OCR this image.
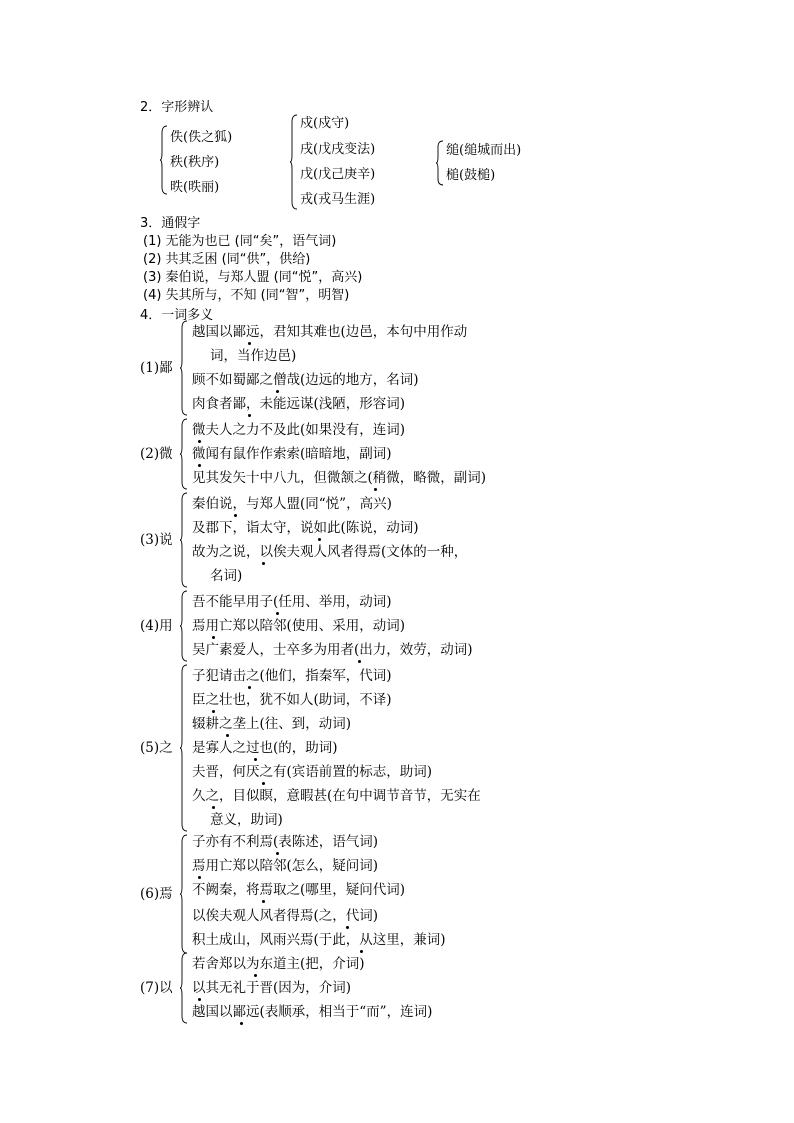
2．字形辨认
佚(佚之狐)
秩(秩序)
昳(昳丽)
戍(戍守)
戌(戊戌变法)
戊(戊己庚辛)
戎(戎马生涯)
缒(缒城而出)
槌(鼓槌)
3．通假字
(1) 无能为也已 (同“矣”，语气词)
(2) 共其乏困 (同“供”，供给)
(3) 秦伯说，与郑人盟 (同“悦”，高兴)
(4) 失其所与，不知 (同“智”，明智)
4．一词多义
(1)鄙
越国以鄙远，君知其难也(边邑，本句中用作动
词，当作边邑)
顾不如蜀鄙之僧哉(边远的地方，名词)
肉食者鄙，未能远谋(浅陋，形容词)
(2)微
微夫人之力不及此(如果没有，连词)
微闻有鼠作作索索(暗暗地，副词)
见其发矢十中八九，但微颔之(稍微，略微，副词)
(3)说
秦伯说，与郑人盟(同“悦”，高兴)
及郡下，诣太守，说如此(陈说，动词)
故为之说，以俟夫观人风者得焉(文体的一种，
名词)
(4)用
吾不能早用子(任用、举用，动词)
焉用亡郑以陪邻(使用、采用，动词)
吴广素爱人，士卒多为用者(出力，效劳，动词)
(5)之
子犯请击之(他们，指秦军，代词)
臣之壮也，犹不如人(助词，不译)
辍耕之垄上(往、到，动词)
是寡人之过也(的，助词)
夫晋，何厌之有(宾语前置的标志，助词)
久之，目似瞑，意暇甚(在句中调节音节，无实在
意义，助词)
(6)焉
子亦有不利焉(表陈述，语气词)
焉用亡郑以陪邻(怎么，疑问词)
不阙秦，将焉取之(哪里，疑问代词)
以俟夫观人风者得焉(之，代词)
积土成山，风雨兴焉(于此，从这里，兼词)
(7)以
若舍郑以为东道主(把，介词)
以其无礼于晋(因为，介词)
越国以鄙远(表顺承，相当于“而”，连词)
